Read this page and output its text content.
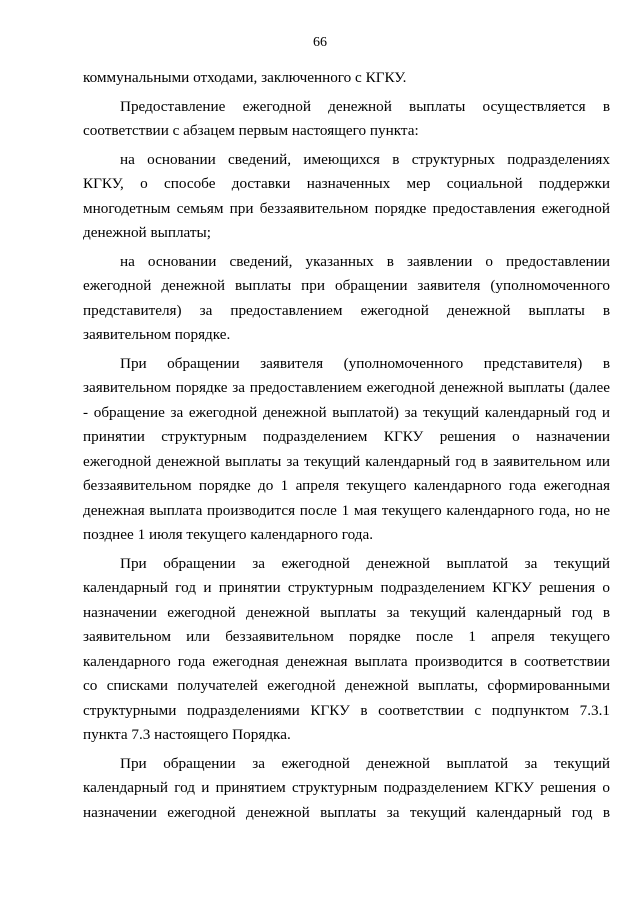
66
коммунальными отходами, заключенного с КГКУ.
Предоставление ежегодной денежной выплаты осуществляется в
соответствии с абзацем первым настоящего пункта:
на основании сведений, имеющихся в структурных подразделениях
КГКУ, о способе доставки назначенных мер социальной поддержки
многодетным семьям при беззаявительном порядке предоставления ежегодной
денежной выплаты;
на основании сведений, указанных в заявлении о предоставлении
ежегодной денежной выплаты при обращении заявителя (уполномоченного
представителя) за предоставлением ежегодной денежной выплаты в
заявительном порядке.
При обращении заявителя (уполномоченного представителя) в
заявительном порядке за предоставлением ежегодной денежной выплаты (далее
- обращение за ежегодной денежной выплатой) за текущий календарный год и
принятии структурным подразделением КГКУ решения о назначении
ежегодной денежной выплаты за текущий календарный год в заявительном или
беззаявительном порядке до 1 апреля текущего календарного года ежегодная
денежная выплата производится после 1 мая текущего календарного года, но не
позднее 1 июля текущего календарного года.
При обращении за ежегодной денежной выплатой за текущий
календарный год и принятии структурным подразделением КГКУ решения о
назначении ежегодной денежной выплаты за текущий календарный год в
заявительном или беззаявительном порядке после 1 апреля текущего
календарного года ежегодная денежная выплата производится в соответствии
со списками получателей ежегодной денежной выплаты, сформированными
структурными подразделениями КГКУ в соответствии с подпунктом 7.3.1
пункта 7.3 настоящего Порядка.
При обращении за ежегодной денежной выплатой за текущий
календарный год и принятием структурным подразделением КГКУ решения о
назначении ежегодной денежной выплаты за текущий календарный год в
